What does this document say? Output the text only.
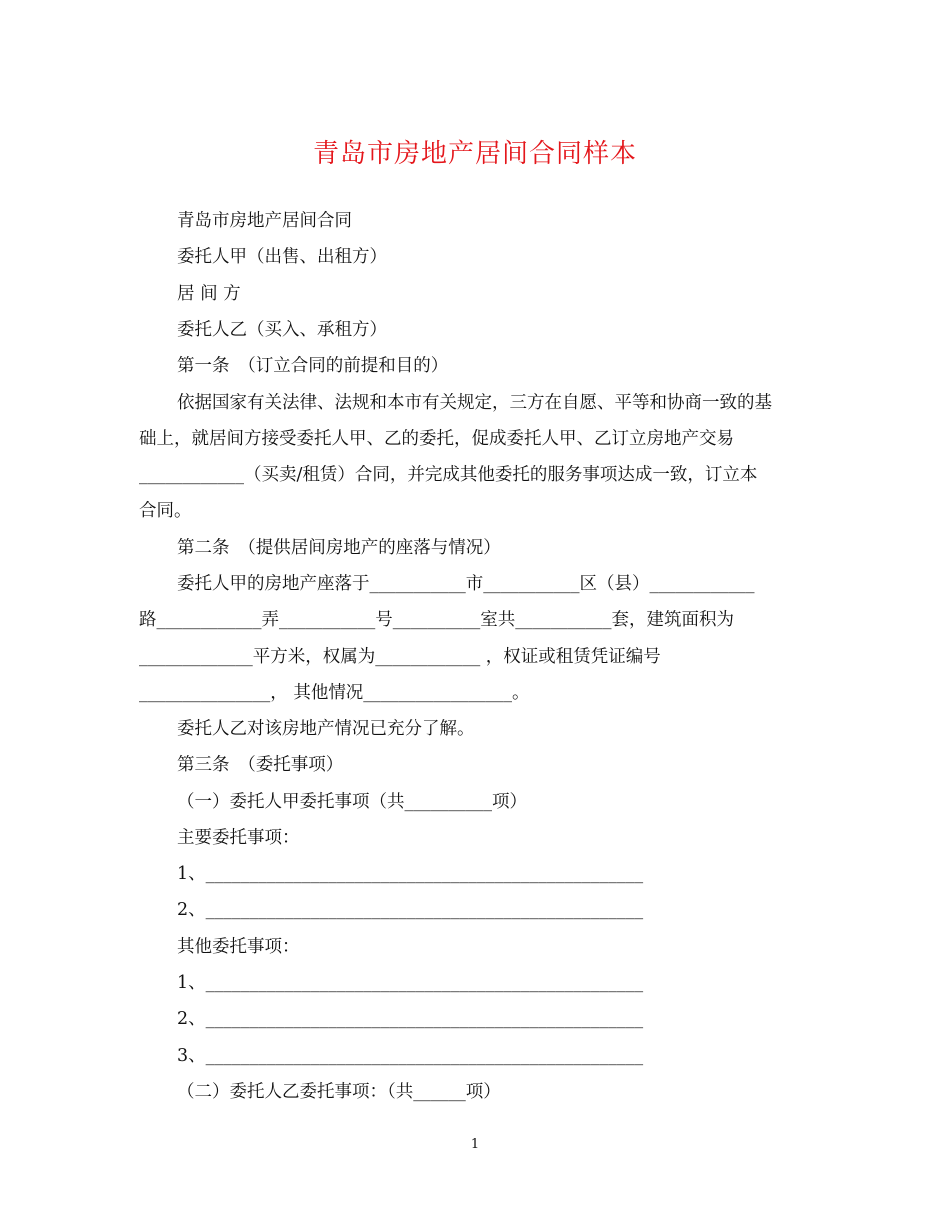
青岛市房地产居间合同样本
青岛市房地产居间合同
委托人甲（出售、出租方）
居 间 方
委托人乙（买入、承租方）
第一条　（订立合同的前提和目的）
依据国家有关法律、法规和本市有关规定，三方在自愿、平等和协商一致的基
础上，就居间方接受委托人甲、乙的委托，促成委托人甲、乙订立房地产交易
____________（买卖/租赁）合同，并完成其他委托的服务事项达成一致，订立本
合同。
第二条　（提供居间房地产的座落与情况）
委托人甲的房地产座落于___________市___________区（县）____________
路____________弄___________号__________室共___________套，建筑面积为
_____________平方米，权属为____________ ，权证或租赁凭证编号
_______________， 其他情况_________________。
委托人乙对该房地产情况已充分了解。
第三条　（委托事项）
（一）委托人甲委托事项（共__________项）
主要委托事项：
1、__________________________________________________
2、__________________________________________________
其他委托事项：
1、__________________________________________________
2、__________________________________________________
3、__________________________________________________
（二）委托人乙委托事项：（共______项）
1
